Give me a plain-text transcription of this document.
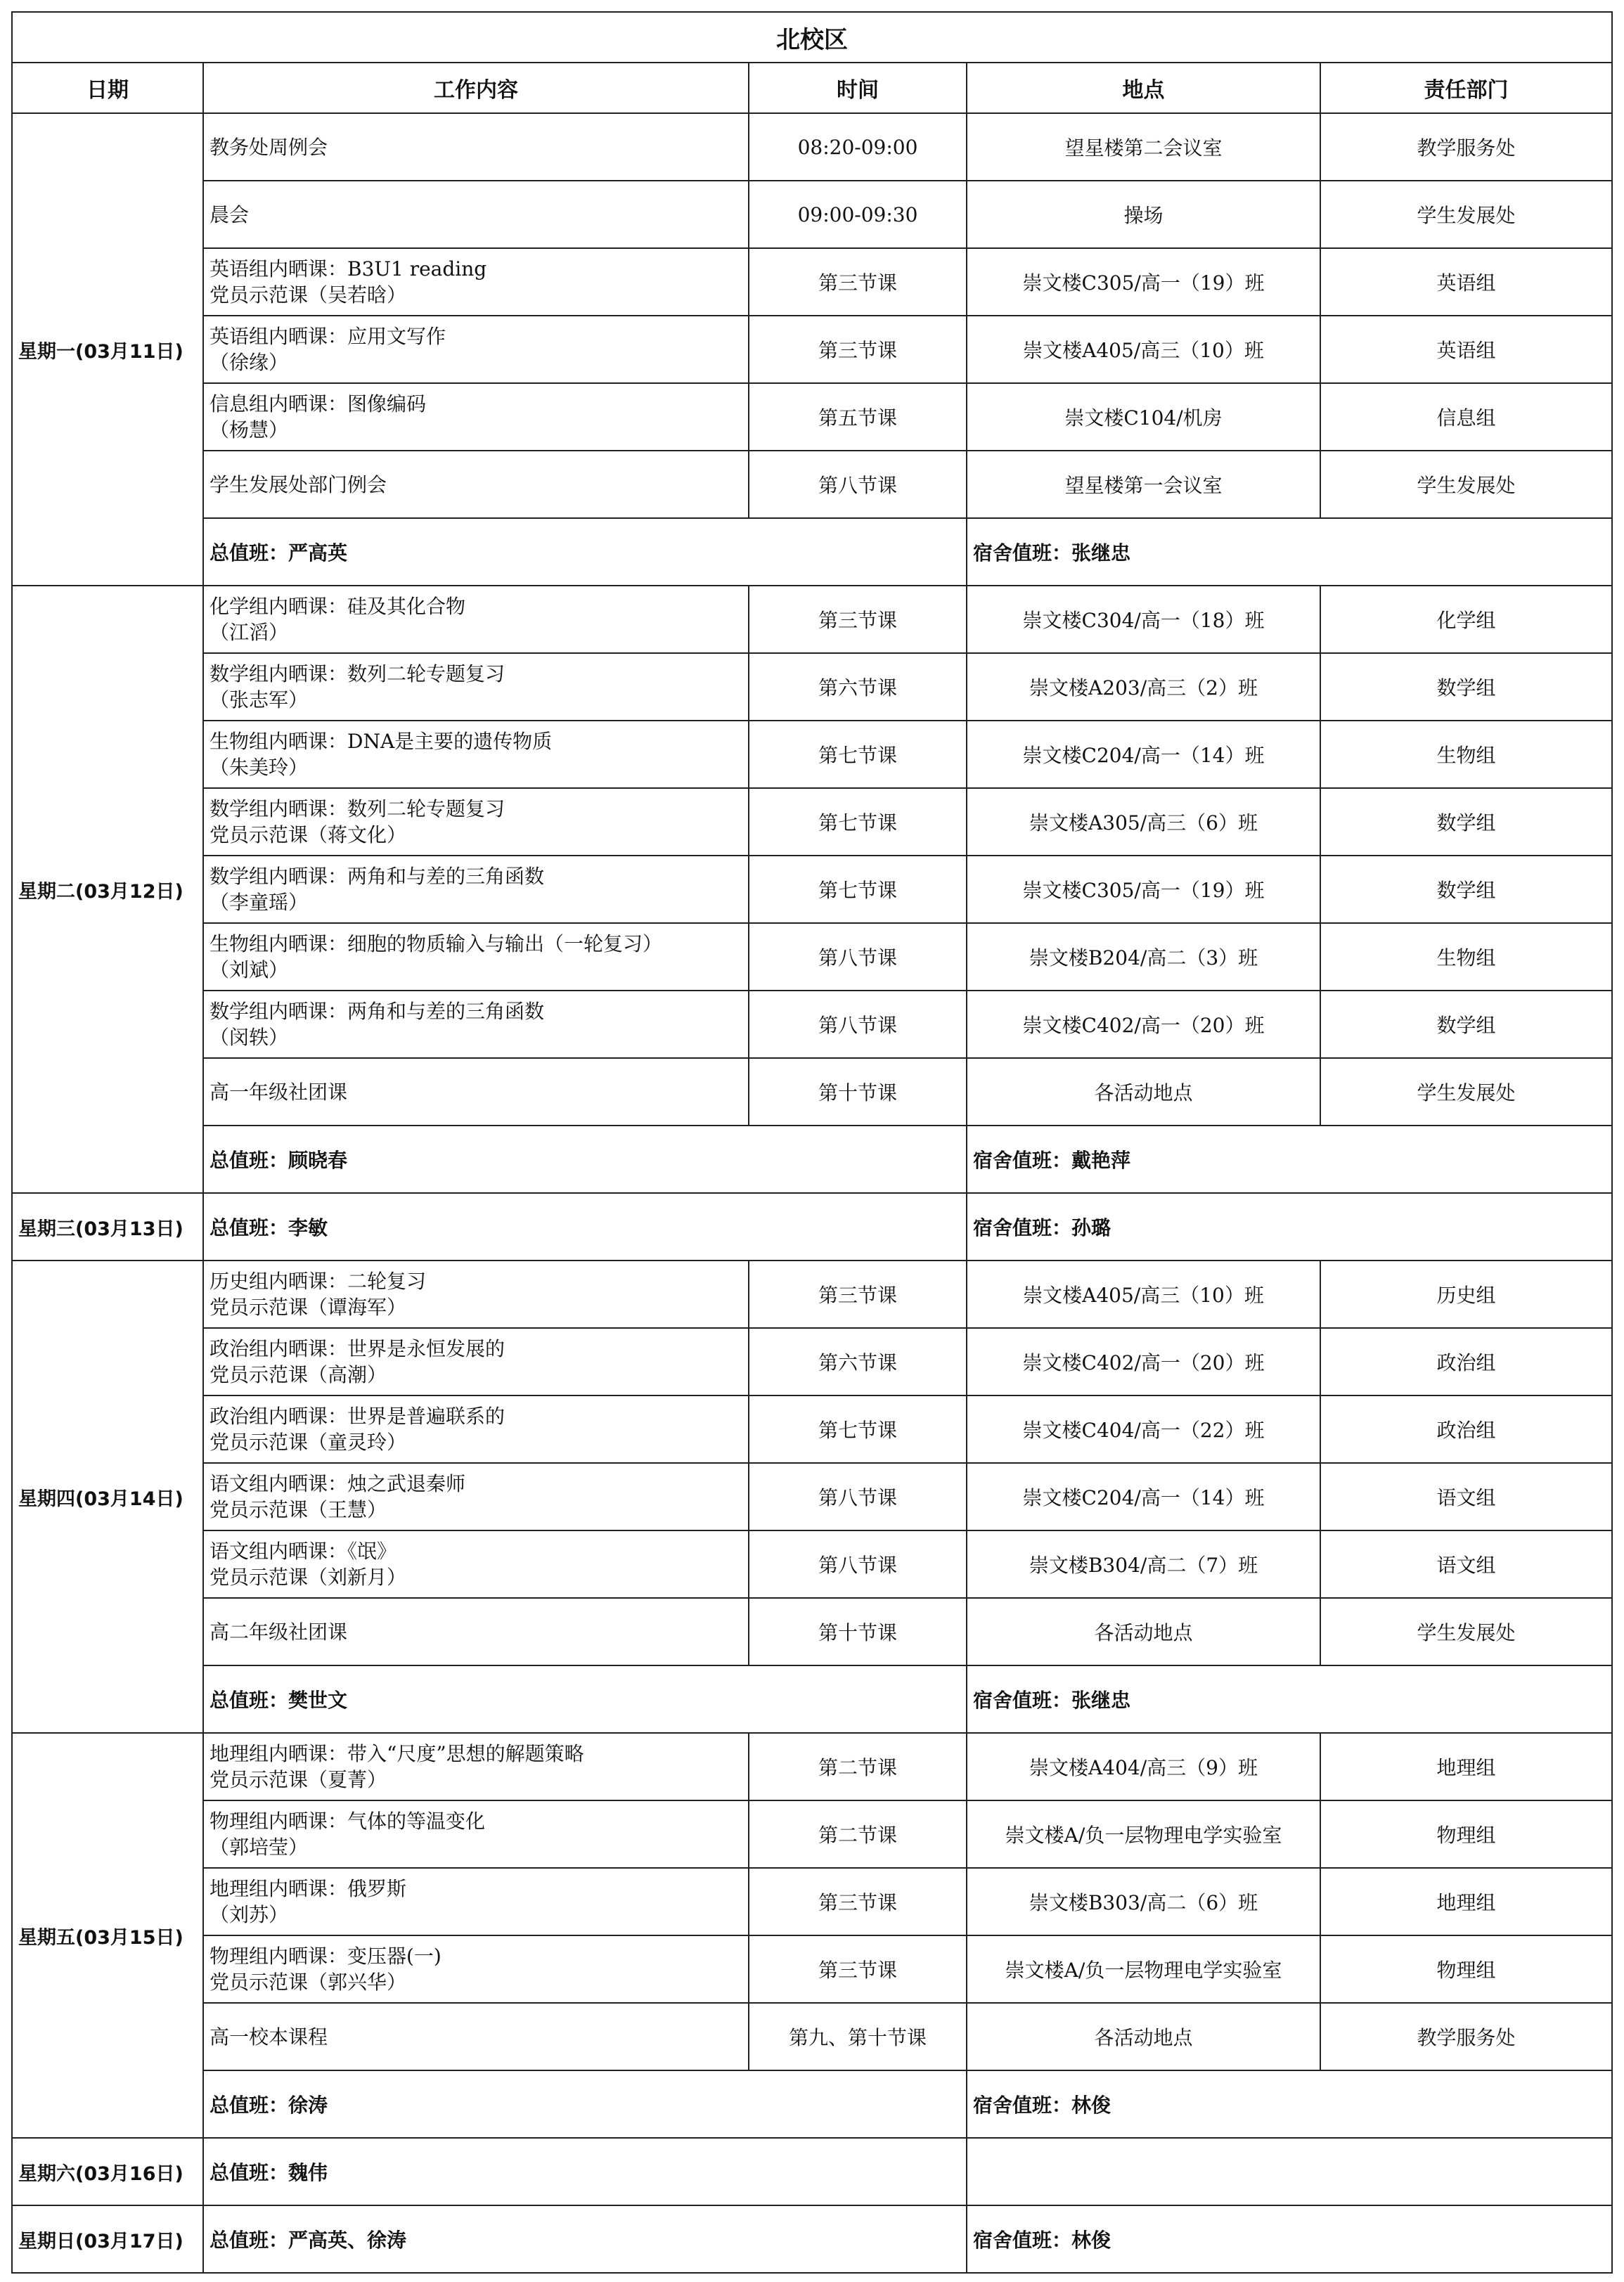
北校区				
日期	工作内容	时间	地点	责任部门
星期一(03月11日)	教务处周例会	08:20-09:00	望星楼第二会议室	教学服务处

	晨会	09:00-09:30	操场	学生发展处

	英语组内晒课：B3U1 reading
党员示范课（吴若晗）	第三节课	崇文楼C305/高一（19）班	英语组

	英语组内晒课：应用文写作
（徐缘）	第三节课	崇文楼A405/高三（10）班	英语组

	信息组内晒课：图像编码
（杨慧）	第五节课	崇文楼C104/机房	信息组

	学生发展处部门例会	第八节课	望星楼第一会议室	学生发展处
	总值班：严高英		宿舍值班：张继忠	
星期二(03月12日)	化学组内晒课：硅及其化合物
（江滔）	第三节课	崇文楼C304/高一（18）班	化学组

	数学组内晒课：数列二轮专题复习
（张志军）	第六节课	崇文楼A203/高三（2）班	数学组

	生物组内晒课：DNA是主要的遗传物质
（朱美玲）	第七节课	崇文楼C204/高一（14）班	生物组

	数学组内晒课：数列二轮专题复习
党员示范课（蒋文化）	第七节课	崇文楼A305/高三（6）班	数学组

	数学组内晒课：两角和与差的三角函数
（李童瑶）	第七节课	崇文楼C305/高一（19）班	数学组

	生物组内晒课：细胞的物质输入与输出（一轮复习）
（刘斌）	第八节课	崇文楼B204/高二（3）班	生物组

	数学组内晒课：两角和与差的三角函数
（闵轶）	第八节课	崇文楼C402/高一（20）班	数学组

	高一年级社团课	第十节课	各活动地点	学生发展处
	总值班：顾晓春		宿舍值班：戴艳萍	
星期三(03月13日)	总值班：李敏		宿舍值班：孙璐	
星期四(03月14日)	历史组内晒课：二轮复习
党员示范课（谭海军）	第三节课	崇文楼A405/高三（10）班	历史组

	政治组内晒课：世界是永恒发展的
党员示范课（高潮）	第六节课	崇文楼C402/高一（20）班	政治组

	政治组内晒课：世界是普遍联系的
党员示范课（童灵玲）	第七节课	崇文楼C404/高一（22）班	政治组

	语文组内晒课：烛之武退秦师
党员示范课（王慧）	第八节课	崇文楼C204/高一（14）班	语文组

	语文组内晒课：《氓》
党员示范课（刘新月）	第八节课	崇文楼B304/高二（7）班	语文组

	高二年级社团课	第十节课	各活动地点	学生发展处
	总值班：樊世文		宿舍值班：张继忠	
星期五(03月15日)	地理组内晒课：带入“尺度”思想的解题策略
党员示范课（夏菁）	第二节课	崇文楼A404/高三（9）班	地理组

	物理组内晒课：气体的等温变化
（郭培莹）	第二节课	崇文楼A/负一层物理电学实验室	物理组

	地理组内晒课：俄罗斯
（刘苏）	第三节课	崇文楼B303/高二（6）班	地理组

	物理组内晒课：变压器(一)
党员示范课（郭兴华）	第三节课	崇文楼A/负一层物理电学实验室	物理组

	高一校本课程	第九、第十节课	各活动地点	教学服务处
	总值班：徐涛		宿舍值班：林俊	
星期六(03月16日)	总值班：魏伟			
星期日(03月17日)	总值班：严高英、徐涛		宿舍值班：林俊	
